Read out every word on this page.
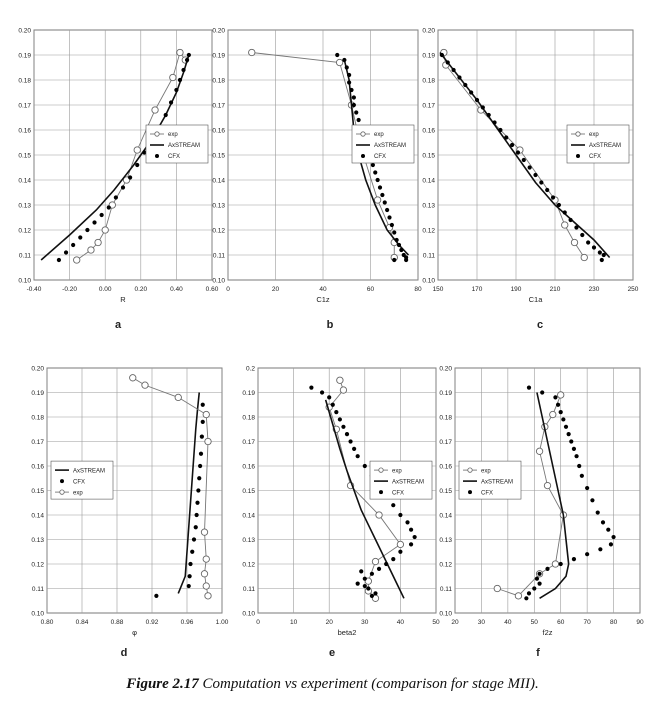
-0.40	-0.20	0.00	0.20	0.40	0.60
0.10
0.11
0.12
0.13
0.14
0.15
0.16
0.17
0.18
0.19
0.20
R
exp
AxSTREAM
CFX
a
0	20	40	60	80
0.10
0.11
0.12
0.13
0.14
0.15
0.16
0.17
0.18
0.19
0.20
C1z
exp
AxSTREAM
CFX
b
150	170	190	210	230	250
0.10
0.11
0.12
0.13
0.14
0.15
0.16
0.17
0.18
0.19
0.20
C1a
exp
AxSTREAM
CFX
c
0.80	0.84	0.88	0.92	0.96	1.00
0.10
0.11
0.12
0.13
0.14
0.15
0.16
0.17
0.18
0.19
0.20
φ
AxSTREAM
CFX
exp
d
0	10	20	30	40	50
0.10
0.11
0.12
0.13
0.14
0.15
0.16
0.17
0.18
0.19
0.2
beta2
exp
AxSTREAM
CFX
e
20	30	40	50	60	70	80	90
0.10
0.11
0.12
0.13
0.14
0.15
0.16
0.17
0.18
0.19
0.20
f2z
exp
AxSTREAM
CFX
f
Figure 2.17 Computation vs experiment (comparison for stage MII).
